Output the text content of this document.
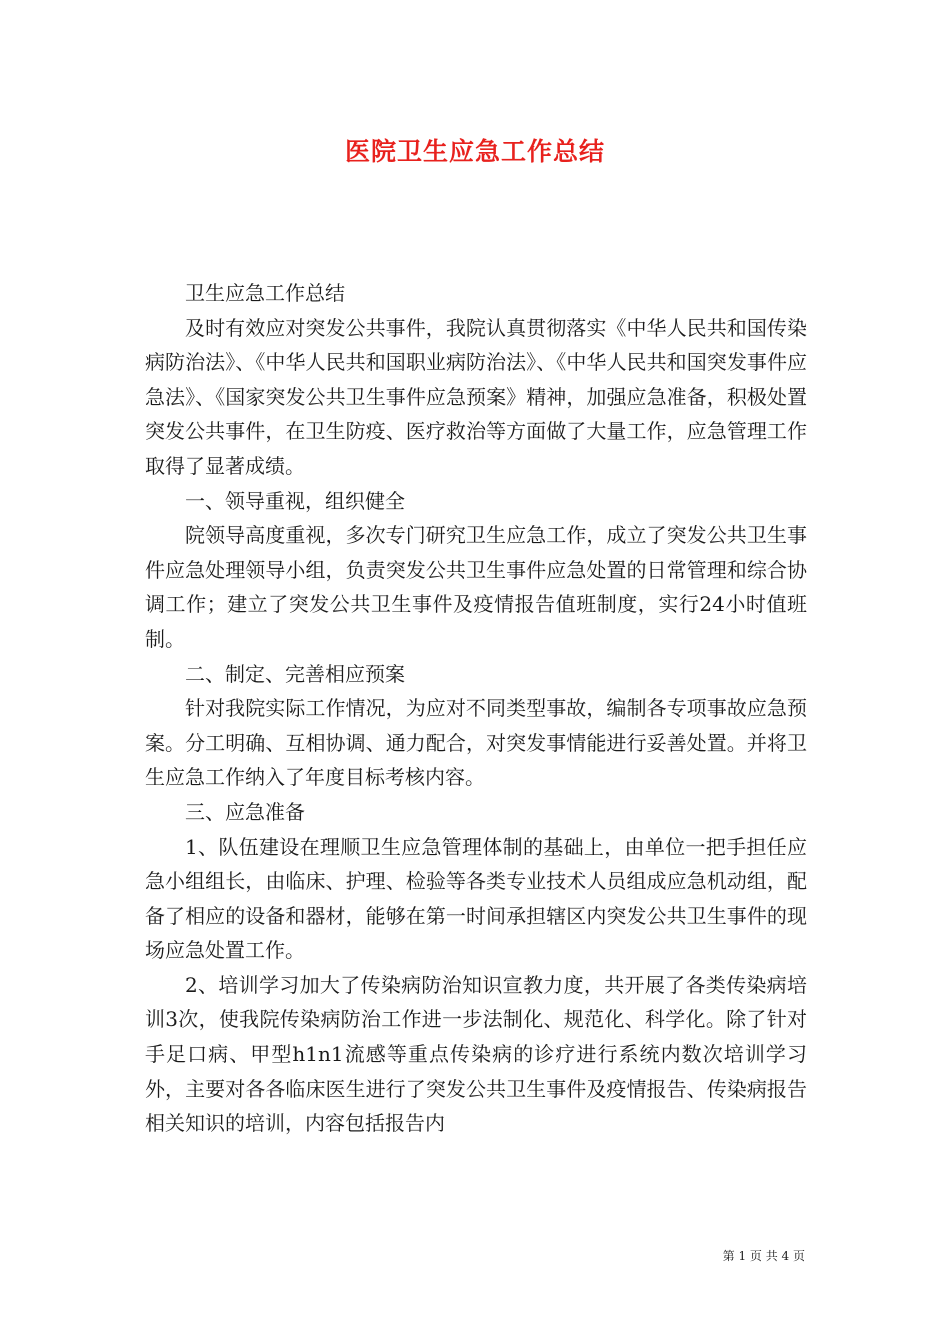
医院卫生应急工作总结

卫生应急工作总结

及时有效应对突发公共事件，我院认真贯彻落实《中华人民共和国传染病防治法》、《中华人民共和国职业病防治法》、《中华人民共和国突发事件应急法》、《国家突发公共卫生事件应急预案》精神，加强应急准备，积极处置突发公共事件，在卫生防疫、医疗救治等方面做了大量工作，应急管理工作取得了显著成绩。

一、领导重视，组织健全

院领导高度重视，多次专门研究卫生应急工作，成立了突发公共卫生事件应急处理领导小组，负责突发公共卫生事件应急处置的日常管理和综合协调工作；建立了突发公共卫生事件及疫情报告值班制度，实行24小时值班制。

二、制定、完善相应预案

针对我院实际工作情况，为应对不同类型事故，编制各专项事故应急预案。分工明确、互相协调、通力配合，对突发事情能进行妥善处置。并将卫生应急工作纳入了年度目标考核内容。

三、应急准备

1、队伍建设在理顺卫生应急管理体制的基础上，由单位一把手担任应急小组组长，由临床、护理、检验等各类专业技术人员组成应急机动组，配备了相应的设备和器材，能够在第一时间承担辖区内突发公共卫生事件的现场应急处置工作。

2、培训学习加大了传染病防治知识宣教力度，共开展了各类传染病培训3次，使我院传染病防治工作进一步法制化、规范化、科学化。除了针对手足口病、甲型h1n1流感等重点传染病的诊疗进行系统内数次培训学习外，主要对各各临床医生进行了突发公共卫生事件及疫情报告、传染病报告相关知识的培训，内容包括报告内

第 1 页 共 4 页
